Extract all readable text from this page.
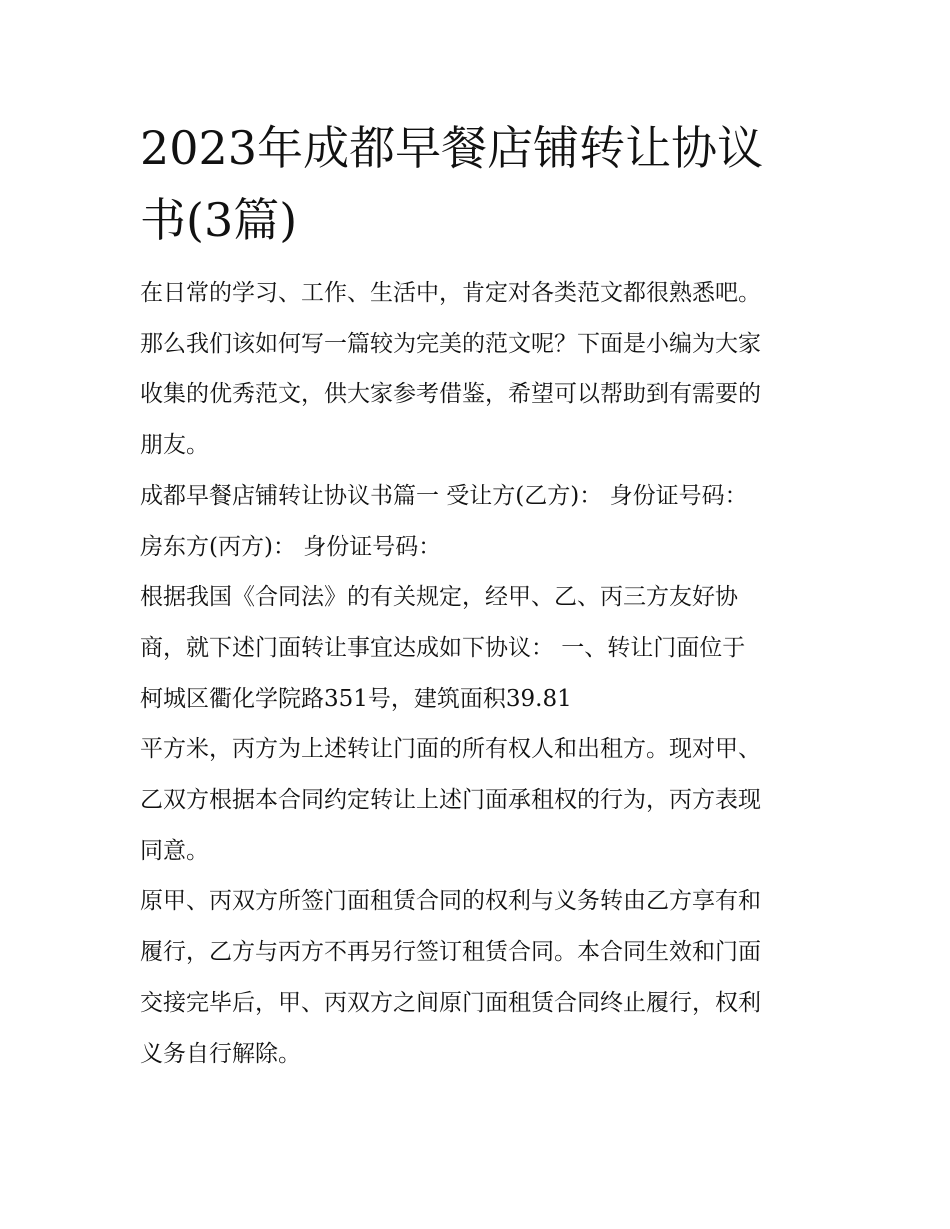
2023年成都早餐店铺转让协议
书(3篇)

在日常的学习、工作、生活中，肯定对各类范文都很熟悉吧。
那么我们该如何写一篇较为完美的范文呢？下面是小编为大家
收集的优秀范文，供大家参考借鉴，希望可以帮助到有需要的
朋友。

成都早餐店铺转让协议书篇一 受让方(乙方)： 身份证号码：

房东方(丙方)： 身份证号码：

根据我国《合同法》的有关规定，经甲、乙、丙三方友好协
商，就下述门面转让事宜达成如下协议： 一、转让门面位于
柯城区衢化学院路351号，建筑面积39.81

平方米，丙方为上述转让门面的所有权人和出租方。现对甲、
乙双方根据本合同约定转让上述门面承租权的行为，丙方表现
同意。

原甲、丙双方所签门面租赁合同的权利与义务转由乙方享有和
履行，乙方与丙方不再另行签订租赁合同。本合同生效和门面
交接完毕后，甲、丙双方之间原门面租赁合同终止履行，权利
义务自行解除。
